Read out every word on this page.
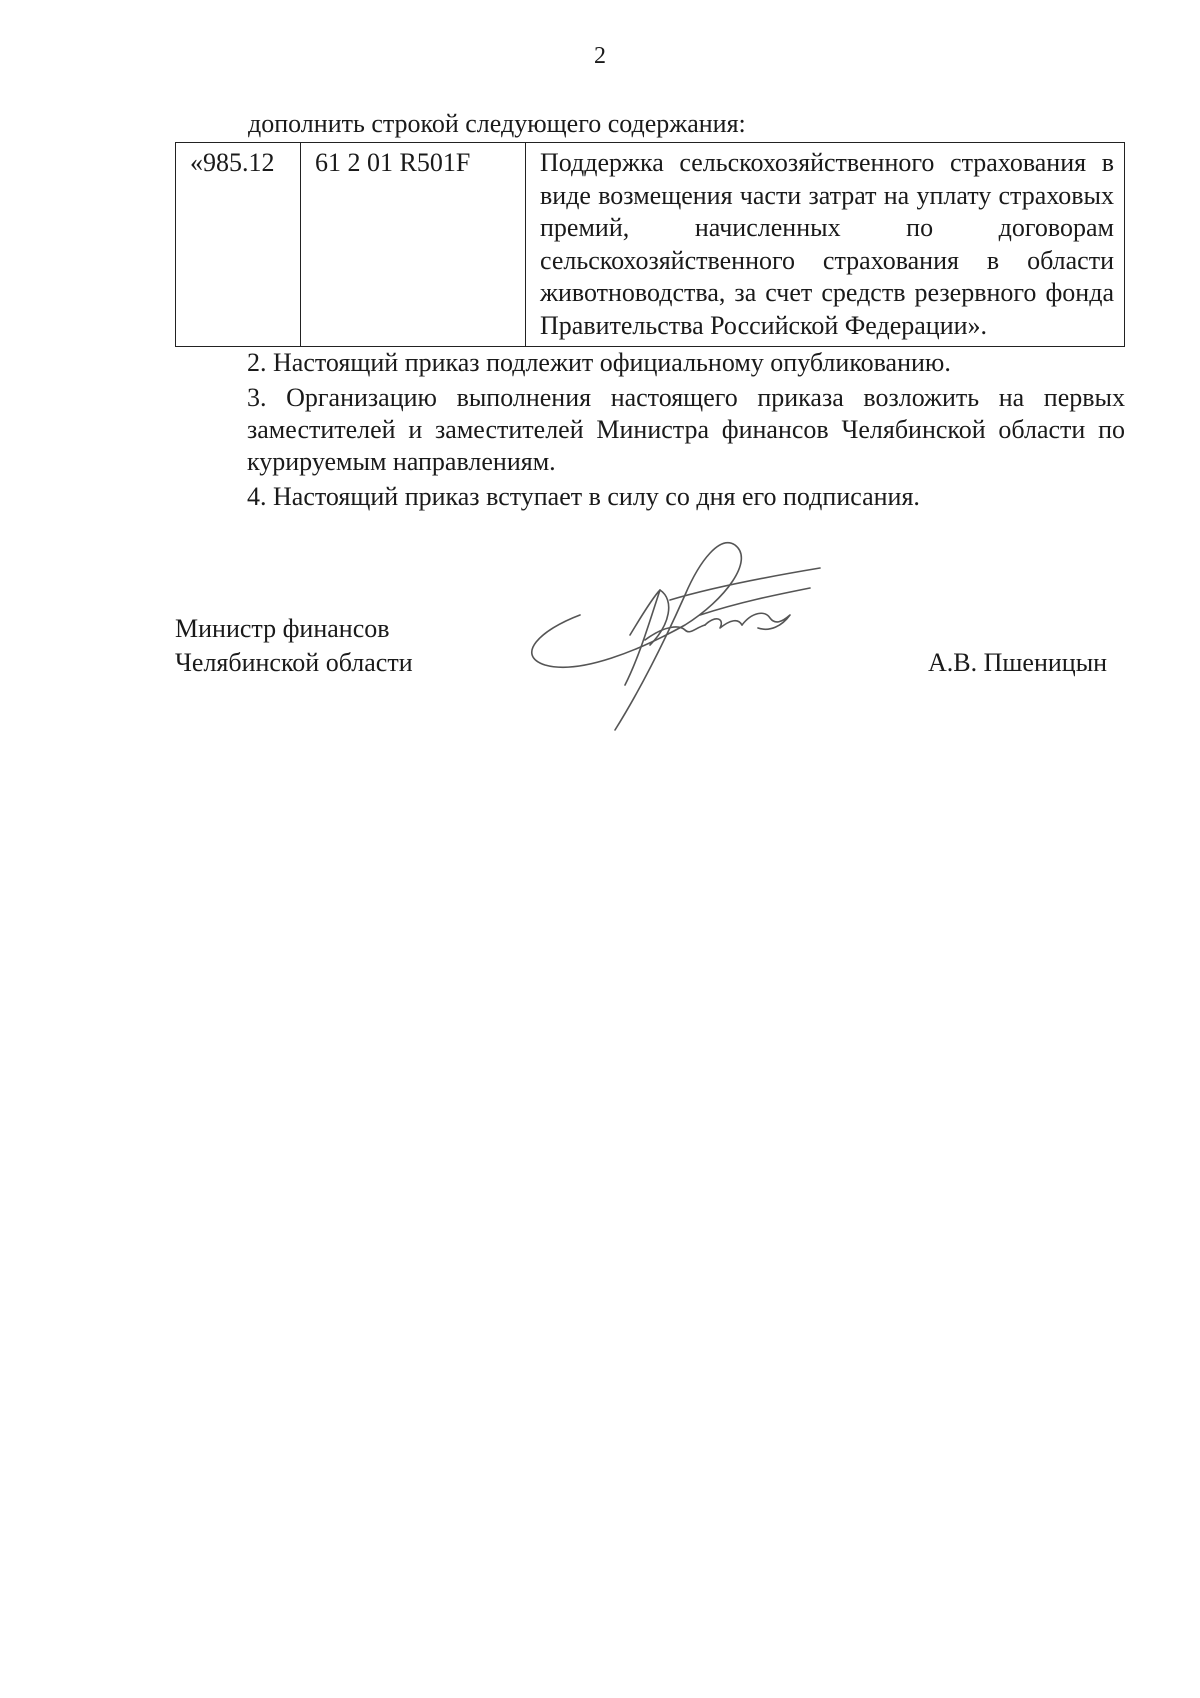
2
дополнить строкой следующего содержания:
«985.12	61 2 01 R501F	Поддержка сельскохозяйственного страхования в виде возмещения части затрат на уплату страховых премий, начисленных по договорам сельскохозяйственного страхования в области животноводства, за счет средств резервного фонда Правительства Российской Федерации».
2. Настоящий приказ подлежит официальному опубликованию.
3. Организацию выполнения настоящего приказа возложить на первых заместителей и заместителей Министра финансов Челябинской области по курируемым направлениям.
4. Настоящий приказ вступает в силу со дня его подписания.
Министр финансов
Челябинской области	А.В. Пшеницын
